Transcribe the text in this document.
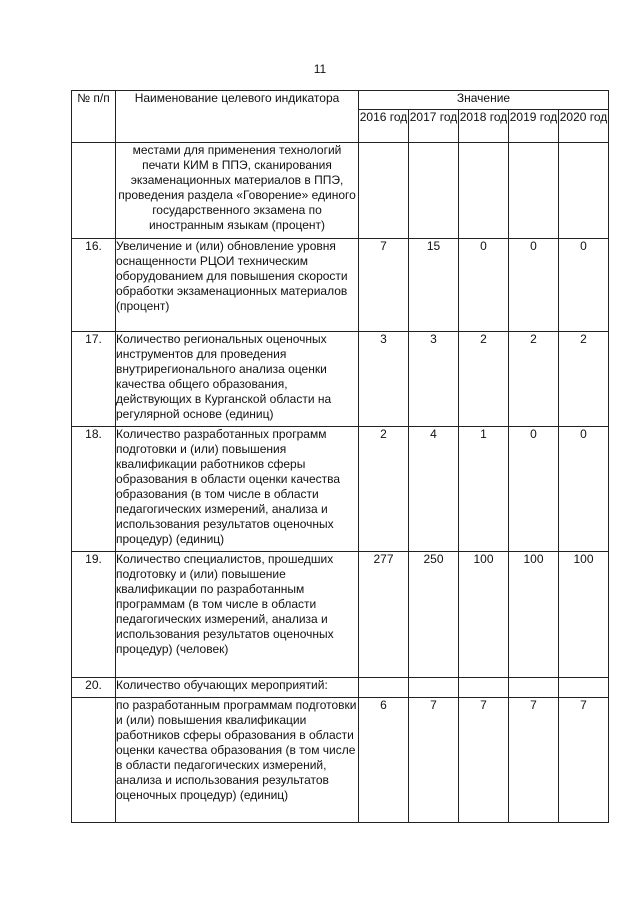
11
№ п/п	Наименование целевого индикатора	Значение				
		2016 год	2017 год	2018 год	2019 год	2020 год
	местами для применения технологий печати КИМ в ППЭ, сканирования экзаменационных материалов в ППЭ, проведения раздела «Говорение» единого государственного экзамена по иностранным языкам (процент)					
16.	Увеличение и (или) обновление уровня оснащенности РЦОИ техническим оборудованием для повышения скорости обработки экзаменационных материалов (процент)	7	15	0	0	0
17.	Количество региональных оценочных инструментов для проведения внутрирегионального анализа оценки качества общего образования, действующих в Курганской области на регулярной основе (единиц)	3	3	2	2	2
18.	Количество разработанных программ подготовки и (или) повышения квалификации работников сферы образования в области оценки качества образования (в том числе в области педагогических измерений, анализа и использования результатов оценочных процедур) (единиц)	2	4	1	0	0
19.	Количество специалистов, прошедших подготовку и (или) повышение квалификации по разработанным программам (в том числе в области педагогических измерений, анализа и использования результатов оценочных процедур) (человек)	277	250	100	100	100
20.	Количество обучающих мероприятий:					
	по разработанным программам подготовки и (или) повышения квалификации работников сферы образования в области оценки качества образования (в том числе в области педагогических измерений, анализа и использования результатов оценочных процедур) (единиц)	6	7	7	7	7
